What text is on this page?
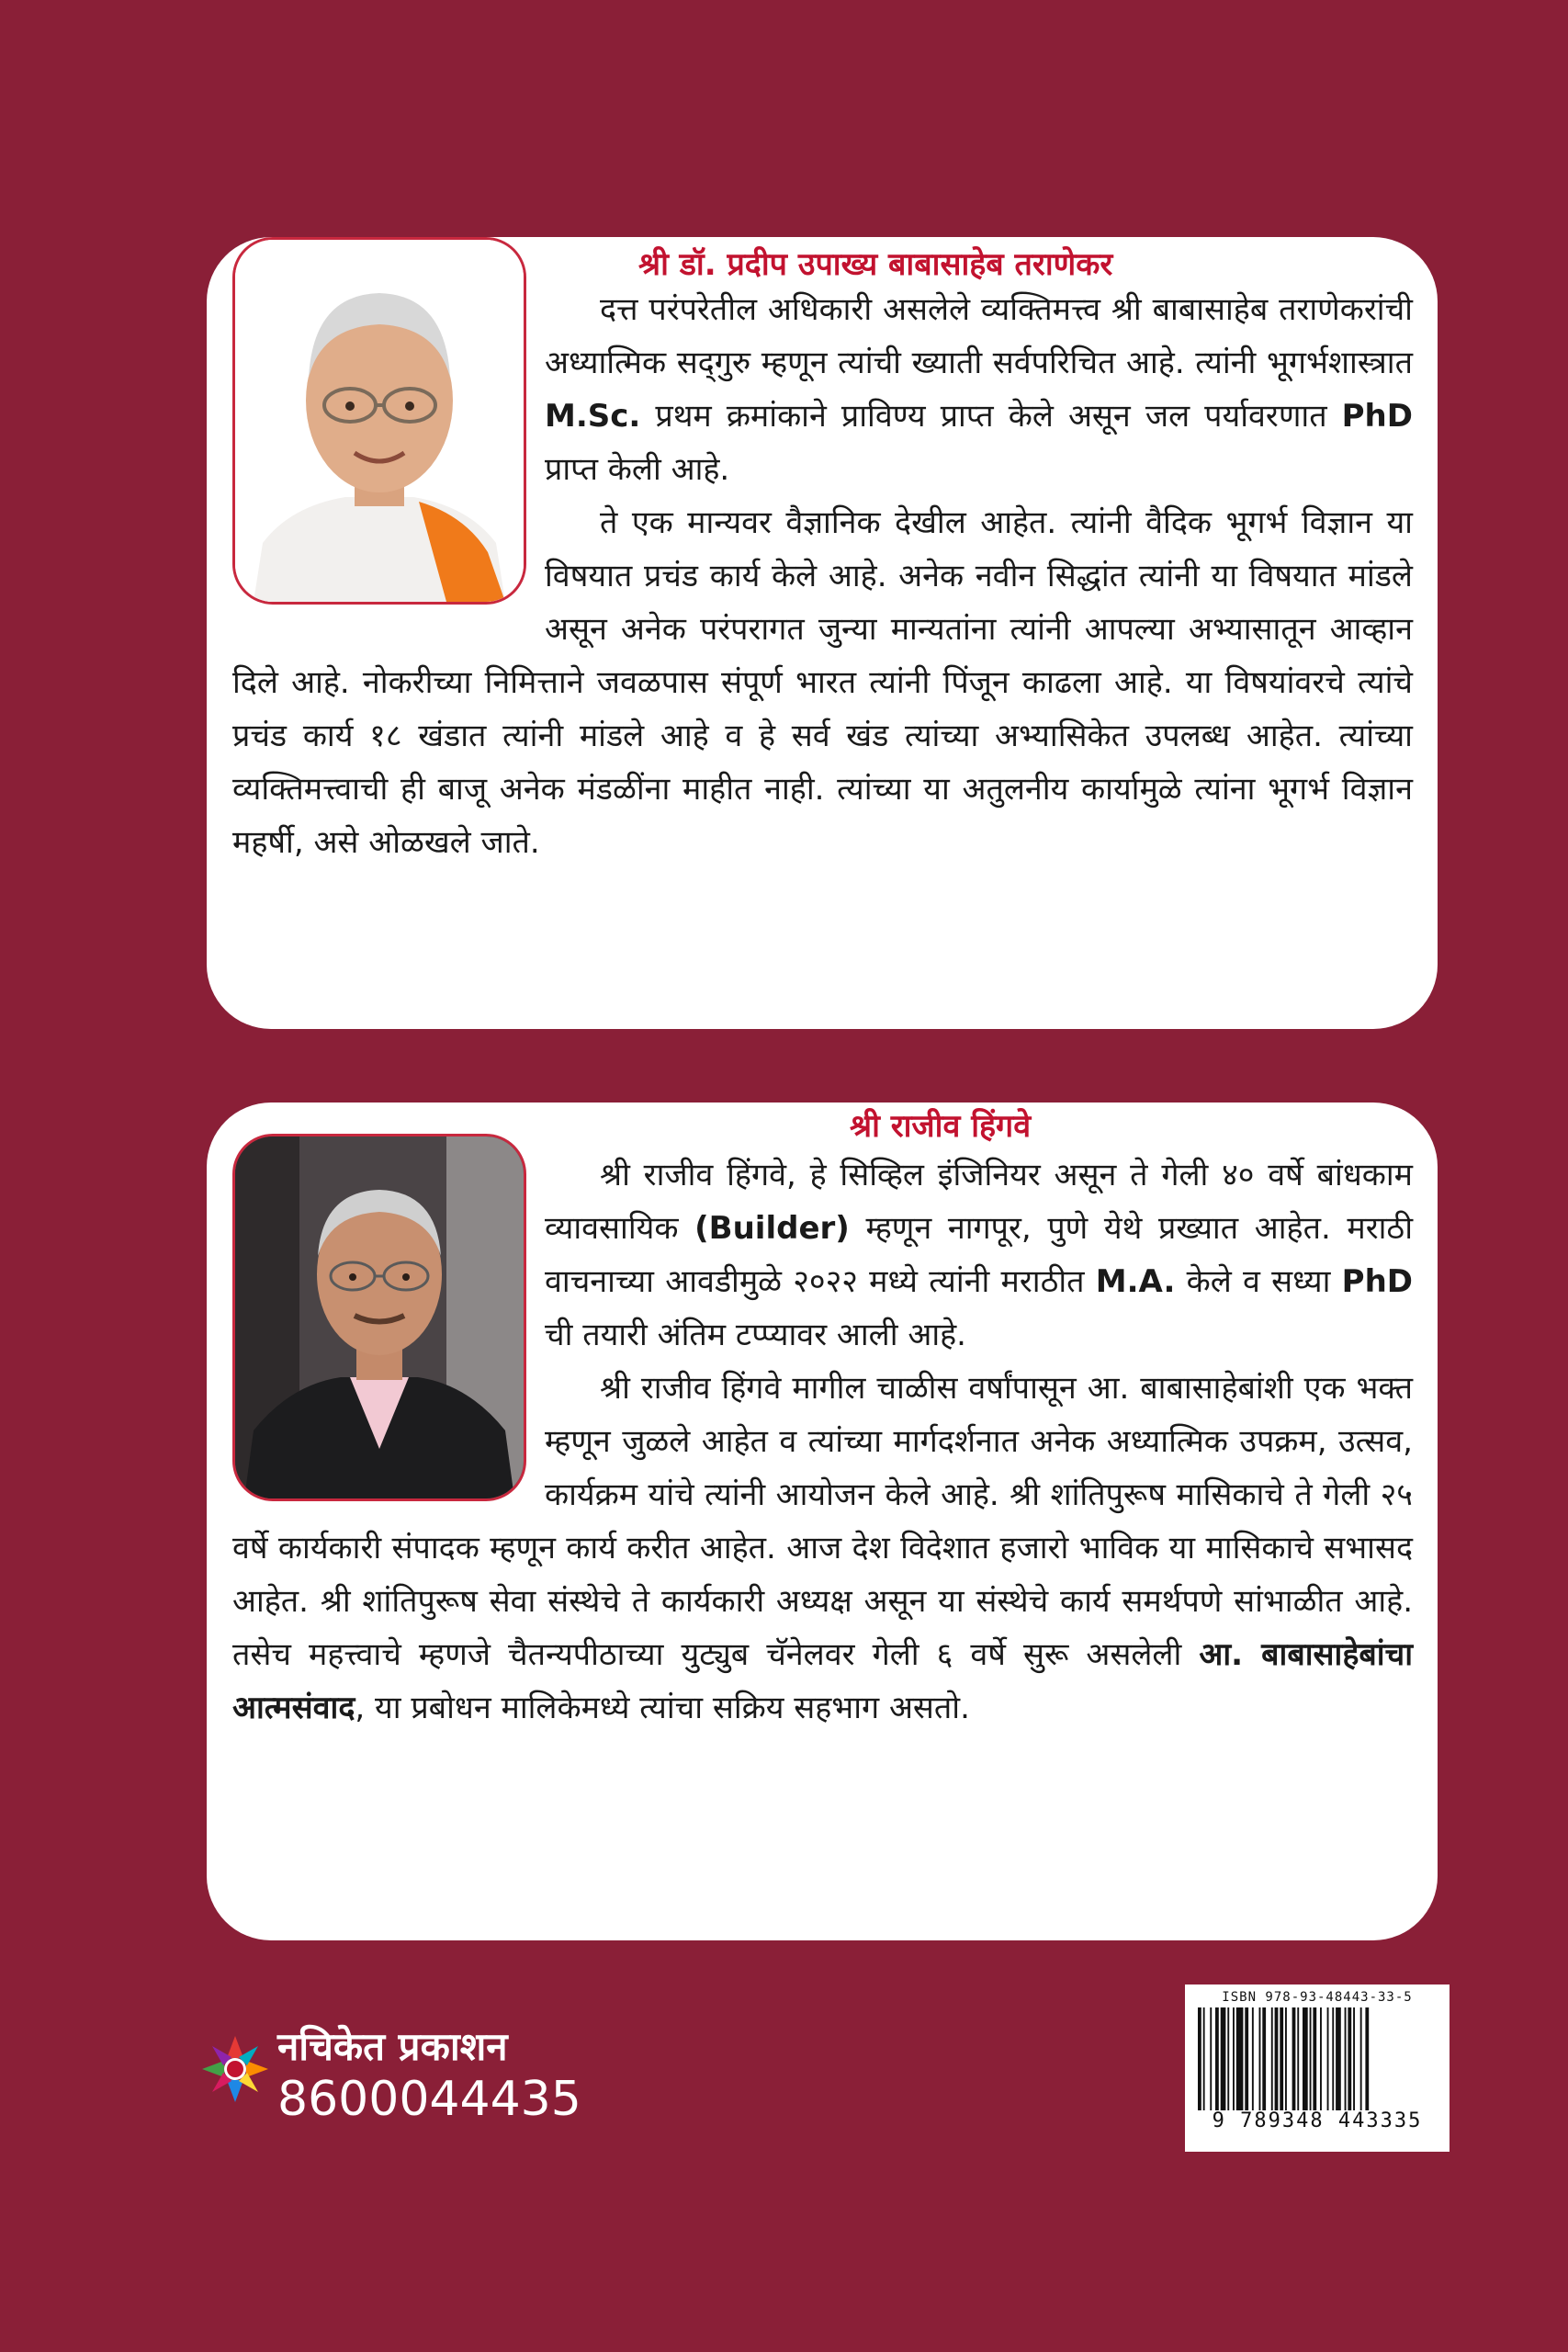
श्री डॉ. प्रदीप उपाख्य बाबासाहेब तराणेकर

दत्त परंपरेतील अधिकारी असलेले व्यक्तिमत्त्व श्री बाबासाहेब तराणेकरांची अध्यात्मिक सद्‌गुरु म्हणून त्यांची ख्याती सर्वपरिचित आहे. त्यांनी भूगर्भशास्त्रात M.Sc. प्रथम क्रमांकाने प्राविण्य प्राप्त केले असून जल पर्यावरणात PhD प्राप्त केली आहे.

ते एक मान्यवर वैज्ञानिक देखील आहेत. त्यांनी वैदिक भूगर्भ विज्ञान या विषयात प्रचंड कार्य केले आहे. अनेक नवीन सिद्धांत त्यांनी या विषयात मांडले असून अनेक परंपरागत जुन्या मान्यतांना त्यांनी आपल्या अभ्यासातून आव्हान दिले आहे. नोकरीच्या निमित्ताने जवळपास संपूर्ण भारत त्यांनी पिंजून काढला आहे. या विषयांवरचे त्यांचे प्रचंड कार्य १८ खंडात त्यांनी मांडले आहे व हे सर्व खंड त्यांच्या अभ्यासिकेत उपलब्ध आहेत. त्यांच्या व्यक्तिमत्त्वाची ही बाजू अनेक मंडळींना माहीत नाही. त्यांच्या या अतुलनीय कार्यामुळे त्यांना भूगर्भ विज्ञान महर्षी, असे ओळखले जाते.

श्री राजीव हिंगवे

श्री राजीव हिंगवे, हे सिव्हिल इंजिनियर असून ते गेली ४० वर्षे बांधकाम व्यावसायिक (Builder) म्हणून नागपूर, पुणे येथे प्रख्यात आहेत. मराठी वाचनाच्या आवडीमुळे २०२२ मध्ये त्यांनी मराठीत M.A. केले व सध्या PhD ची तयारी अंतिम टप्प्यावर आली आहे.

श्री राजीव हिंगवे मागील चाळीस वर्षांपासून आ. बाबासाहेबांशी एक भक्त म्हणून जुळले आहेत व त्यांच्या मार्गदर्शनात अनेक अध्यात्मिक उपक्रम, उत्सव, कार्यक्रम यांचे त्यांनी आयोजन केले आहे. श्री शांतिपुरूष मासिकाचे ते गेली २५ वर्षे कार्यकारी संपादक म्हणून कार्य करीत आहेत. आज देश विदेशात हजारो भाविक या मासिकाचे सभासद आहेत. श्री शांतिपुरूष सेवा संस्थेचे ते कार्यकारी अध्यक्ष असून या संस्थेचे कार्य समर्थपणे सांभाळीत आहे. तसेच महत्त्वाचे म्हणजे चैतन्यपीठाच्या युट्युब चॅनेलवर गेली ६ वर्षे सुरू असलेली आ. बाबासाहेबांचा आत्मसंवाद, या प्रबोधन मालिकेमध्ये त्यांचा सक्रिय सहभाग असतो.

नचिकेत प्रकाशन
8600044435
ISBN 978-93-48443-33-5
9 789348 443335
